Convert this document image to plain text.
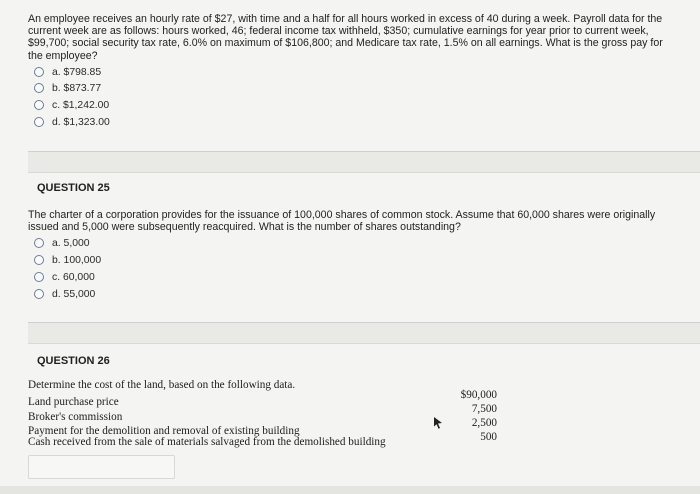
An employee receives an hourly rate of $27, with time and a half for all hours worked in excess of 40 during a week. Payroll data for the current week are as follows: hours worked, 46; federal income tax withheld, $350; cumulative earnings for year prior to current week, $99,700; social security tax rate, 6.0% on maximum of $106,800; and Medicare tax rate, 1.5% on all earnings. What is the gross pay for the employee?
a. $798.85
b. $873.77
c. $1,242.00
d. $1,323.00
QUESTION 25
The charter of a corporation provides for the issuance of 100,000 shares of common stock. Assume that 60,000 shares were originally issued and 5,000 were subsequently reacquired. What is the number of shares outstanding?
a. 5,000
b. 100,000
c. 60,000
d. 55,000
QUESTION 26
Determine the cost of the land, based on the following data.
Land purchase price
Broker's commission
Payment for the demolition and removal of existing building
Cash received from the sale of materials salvaged from the demolished building
$90,000
7,500
2,500
500
